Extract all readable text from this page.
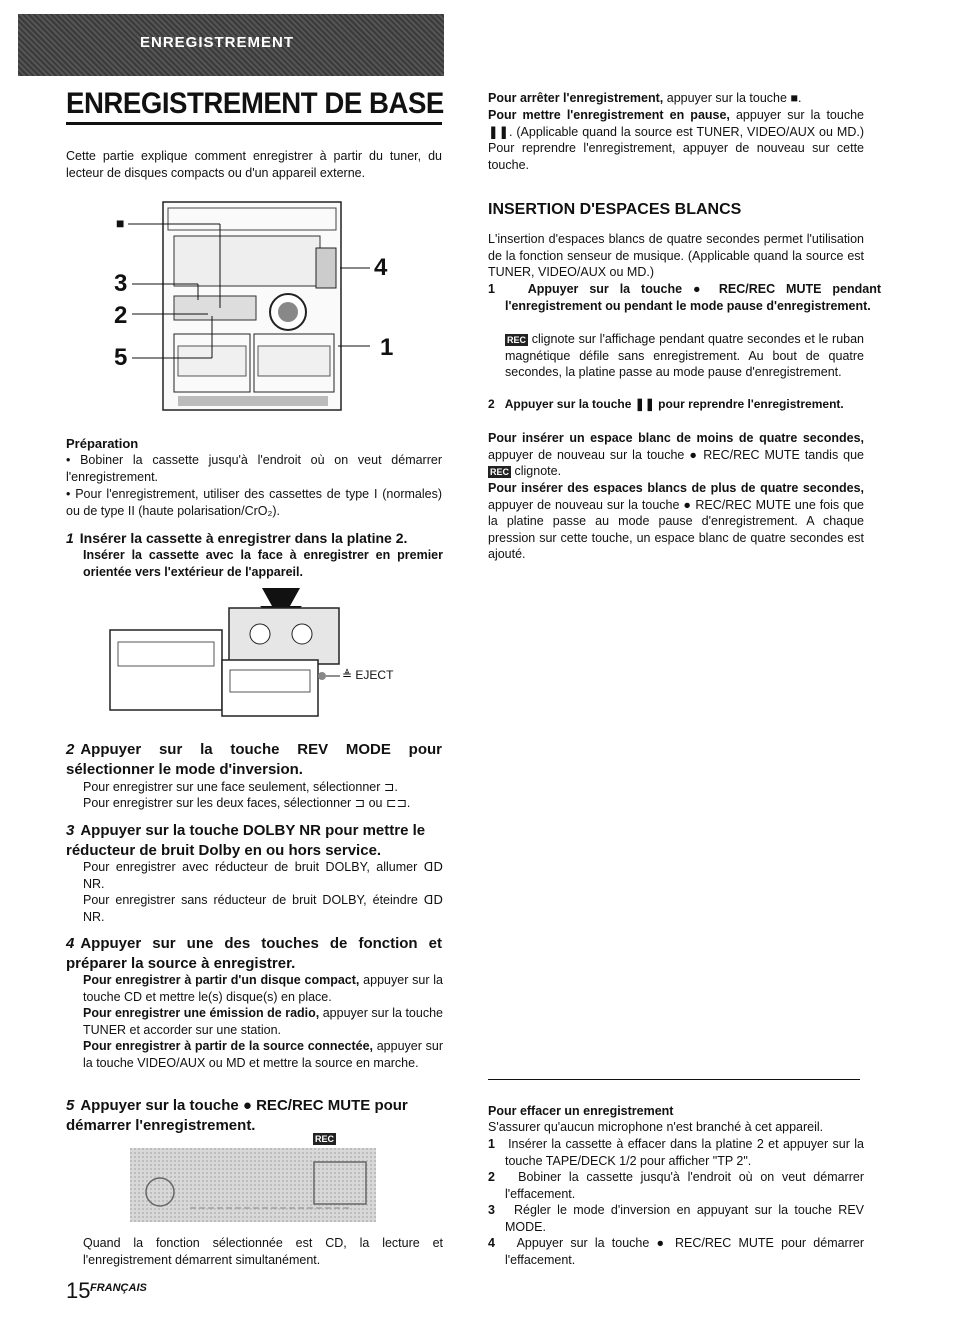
ENREGISTREMENT
ENREGISTREMENT DE BASE

Cette partie explique comment enregistrer à partir du tuner, du lecteur de disques compacts ou d'un appareil externe.

■
3
2
5
4
1
Préparation

• Bobiner la cassette jusqu'à l'endroit où on veut démarrer l'enregistrement.

• Pour l'enregistrement, utiliser des cassettes de type I (normales) ou de type II (haute polarisation/CrO₂).

1 Insérer la cassette à enregistrer dans la platine 2.

Insérer la cassette avec la face à enregistrer en premier orientée vers l'extérieur de l'appareil.

≜ EJECT
2 Appuyer sur la touche REV MODE pour sélectionner le mode d'inversion.

Pour enregistrer sur une face seulement, sélectionner ⊐.

Pour enregistrer sur les deux faces, sélectionner ⊐ ou ⊏⊐.

3 Appuyer sur la touche DOLBY NR pour mettre le réducteur de bruit Dolby en ou hors service.

Pour enregistrer avec réducteur de bruit DOLBY, allumer ᗡᗞ NR.

Pour enregistrer sans réducteur de bruit DOLBY, éteindre ᗡᗞ NR.

4 Appuyer sur une des touches de fonction et préparer la source à enregistrer.

Pour enregistrer à partir d'un disque compact, appuyer sur la touche CD et mettre le(s) disque(s) en place.

Pour enregistrer une émission de radio, appuyer sur la touche TUNER et accorder sur une station.

Pour enregistrer à partir de la source connectée, appuyer sur la touche VIDEO/AUX ou MD et mettre la source en marche.

5 Appuyer sur la touche ● REC/REC MUTE pour démarrer l'enregistrement.
REC

Quand la fonction sélectionnée est CD, la lecture et l'enregistrement démarrent simultanément.

15 FRANÇAIS

Pour arrêter l'enregistrement, appuyer sur la touche ■.

Pour mettre l'enregistrement en pause, appuyer sur la touche ❚❚. (Applicable quand la source est TUNER, VIDEO/AUX ou MD.) Pour reprendre l'enregistrement, appuyer de nouveau sur cette touche.

INSERTION D'ESPACES BLANCS

L'insertion d'espaces blancs de quatre secondes permet l'utilisation de la fonction senseur de musique. (Applicable quand la source est TUNER, VIDEO/AUX ou MD.)

1	Appuyer sur la touche ● REC/REC MUTE pendant l'enregistrement ou pendant le mode pause d'enregistrement.

REC clignote sur l'affichage pendant quatre secondes et le ruban magnétique défile sans enregistrement. Au bout de quatre secondes, la platine passe au mode pause d'enregistrement.

2 Appuyer sur la touche ❚❚ pour reprendre l'enregistrement.

Pour insérer un espace blanc de moins de quatre secondes, appuyer de nouveau sur la touche ● REC/REC MUTE tandis que REC clignote.

Pour insérer des espaces blancs de plus de quatre secondes, appuyer de nouveau sur la touche ● REC/REC MUTE une fois que la platine passe au mode pause d'enregistrement. A chaque pression sur cette touche, un espace blanc de quatre secondes est ajouté.

Pour effacer un enregistrement

S'assurer qu'aucun microphone n'est branché à cet appareil.

1 Insérer la cassette à effacer dans la platine 2 et appuyer sur la touche TAPE/DECK 1/2 pour afficher "TP 2".

2 Bobiner la cassette jusqu'à l'endroit où on veut démarrer l'effacement.

3 Régler le mode d'inversion en appuyant sur la touche REV MODE.

4 Appuyer sur la touche ● REC/REC MUTE pour démarrer l'effacement.
